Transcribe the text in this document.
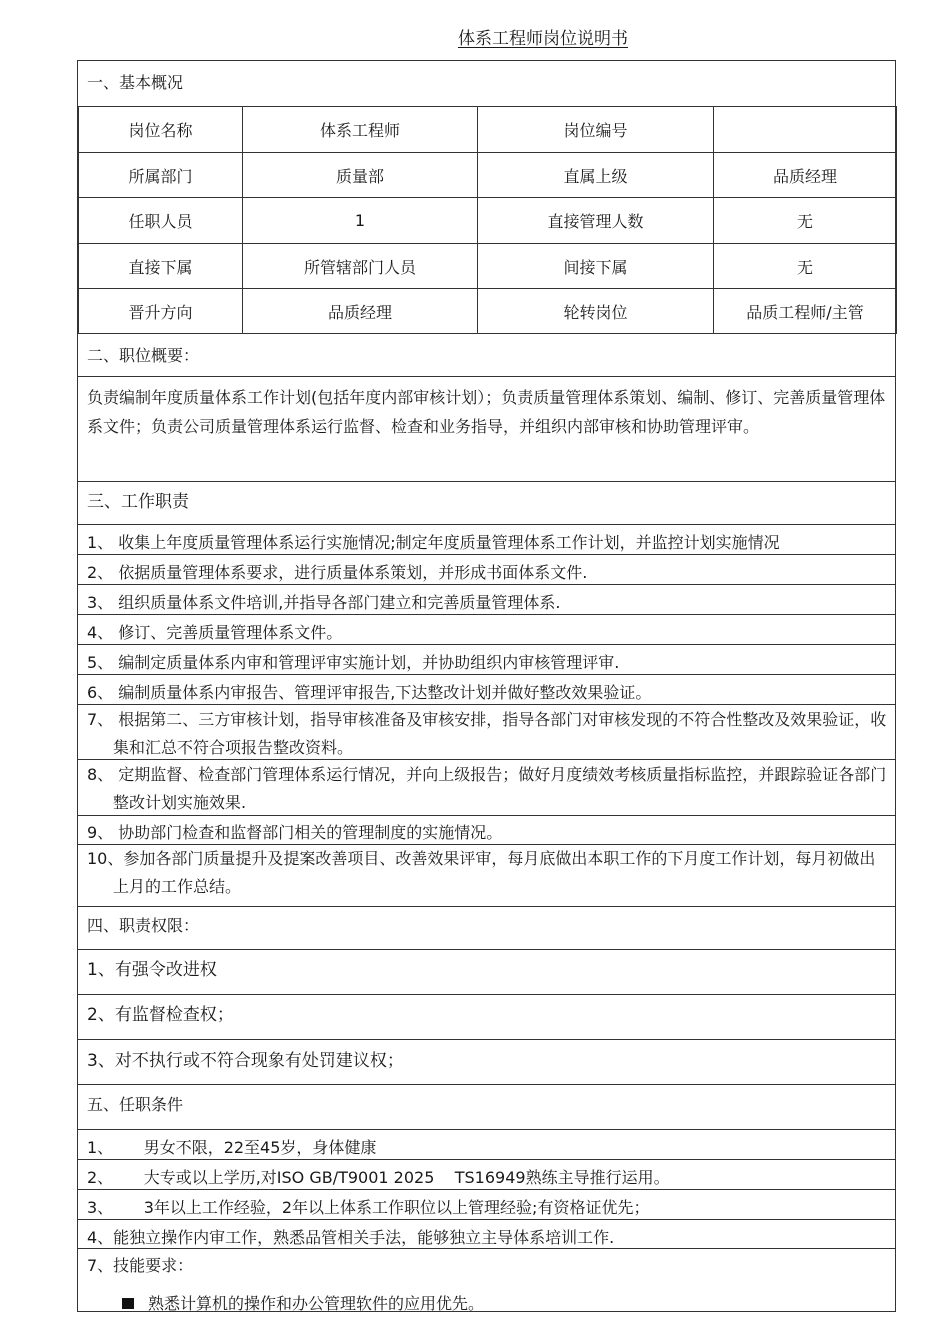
体系工程师岗位说明书
一、基本概况
岗位名称	体系工程师	岗位编号
所属部门	质量部	直属上级	品质经理
任职人员	1	直接管理人数	无
直接下属	所管辖部门人员	间接下属	无
晋升方向	品质经理	轮转岗位	品质工程师/主管
二、职位概要：
负责编制年度质量体系工作计划(包括年度内部审核计划）；负责质量管理体系策划、编制、修订、完善质量管理体系文件；负责公司质量管理体系运行监督、检查和业务指导，并组织内部审核和协助管理评审。
三、工作职责
1、 收集上年度质量管理体系运行实施情况;制定年度质量管理体系工作计划，并监控计划实施情况
2、 依据质量管理体系要求，进行质量体系策划，并形成书面体系文件.
3、 组织质量体系文件培训,并指导各部门建立和完善质量管理体系.
4、 修订、完善质量管理体系文件。
5、 编制定质量体系内审和管理评审实施计划，并协助组织内审核管理评审.
6、 编制质量体系内审报告、管理评审报告,下达整改计划并做好整改效果验证。
7、 根据第二、三方审核计划，指导审核准备及审核安排，指导各部门对审核发现的不符合性整改及效果验证，收集和汇总不符合项报告整改资料。
8、 定期监督、检查部门管理体系运行情况，并向上级报告；做好月度绩效考核质量指标监控，并跟踪验证各部门整改计划实施效果.
9、 协助部门检查和监督部门相关的管理制度的实施情况。
10、参加各部门质量提升及提案改善项目、改善效果评审，每月底做出本职工作的下月度工作计划，每月初做出上月的工作总结。
四、职责权限：
1、有强令改进权
2、有监督检查权；
3、对不执行或不符合现象有处罚建议权；
五、任职条件
1、      男女不限，22至45岁，身体健康
2、      大专或以上学历,对ISO GB/T9001 2025    TS16949熟练主导推行运用。
3、      3年以上工作经验，2年以上体系工作职位以上管理经验;有资格证优先；
4、能独立操作内审工作，熟悉品管相关手法，能够独立主导体系培训工作.
7、技能要求：
熟悉计算机的操作和办公管理软件的应用优先。
